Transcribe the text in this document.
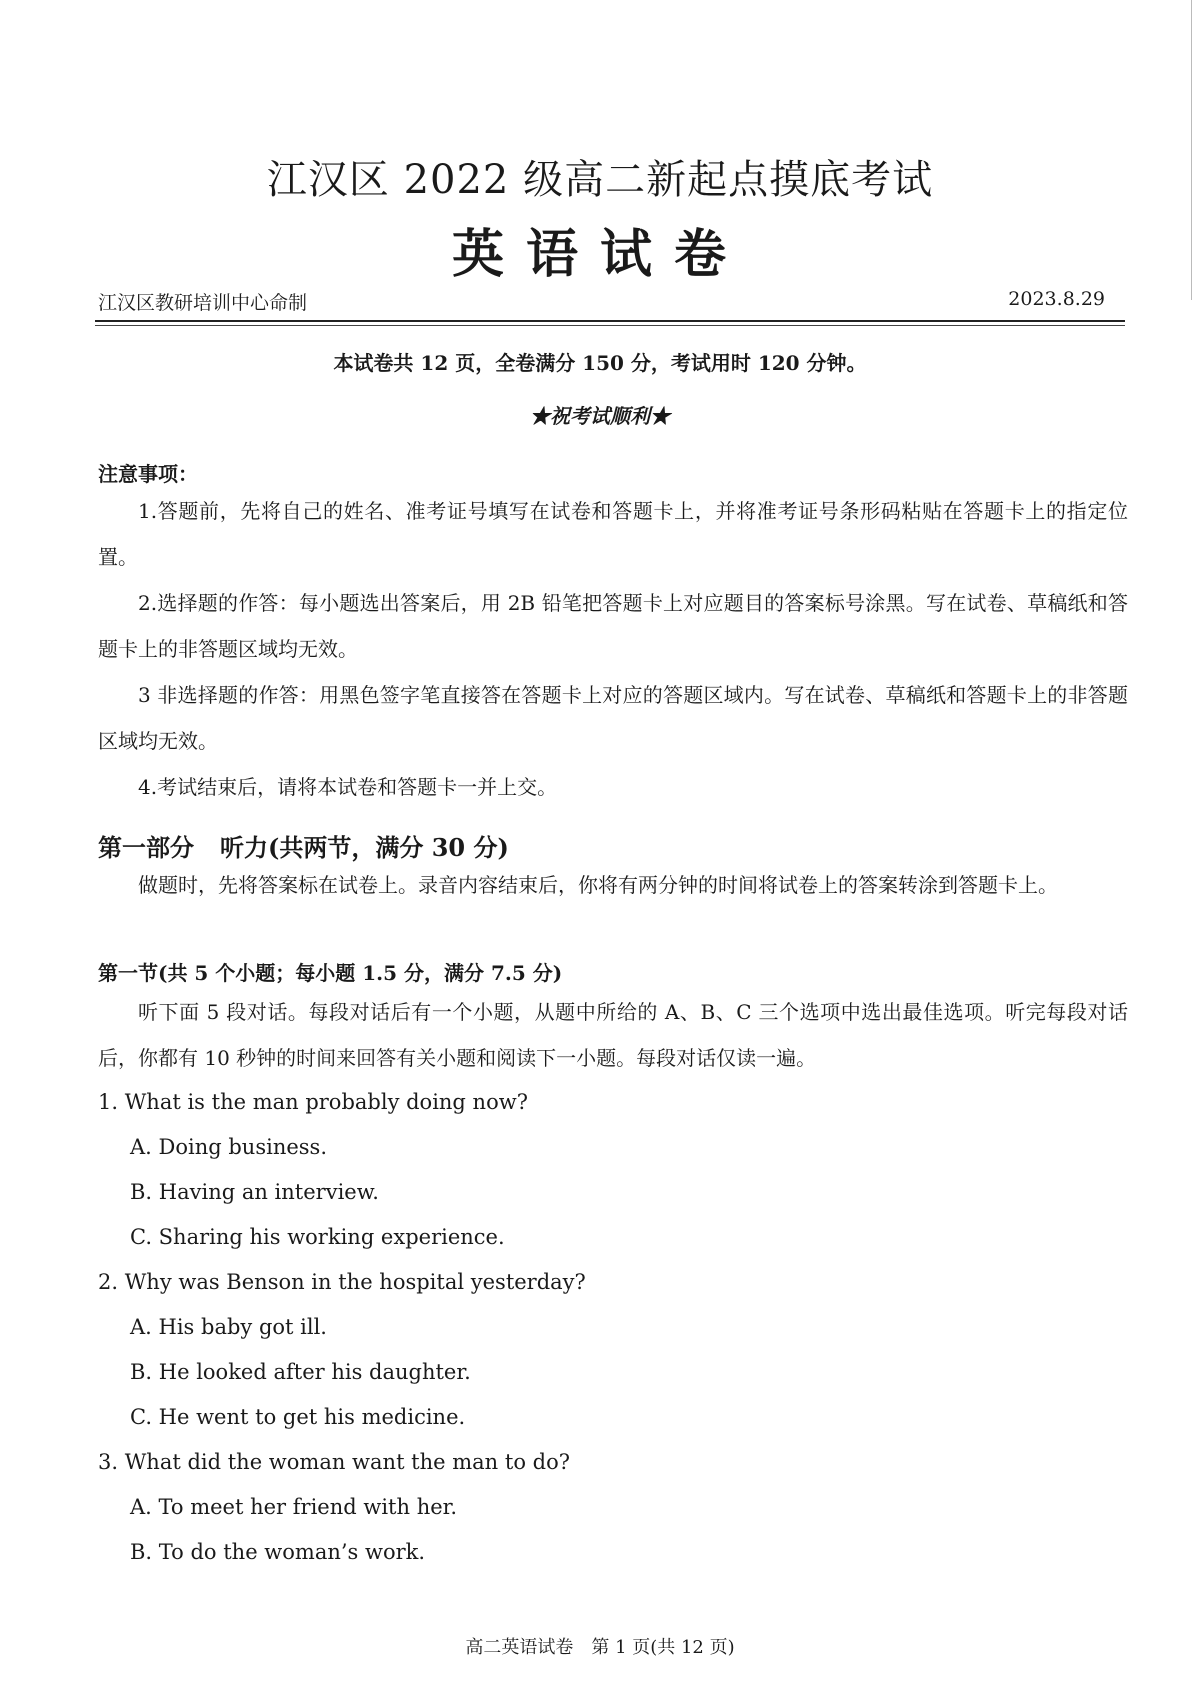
江汉区 2022 级高二新起点摸底考试
英语试卷
江汉区教研培训中心命制	2023.8.29
本试卷共 12 页，全卷满分 150 分，考试用时 120 分钟。
★祝考试顺利★
注意事项：
1.答题前，先将自己的姓名、准考证号填写在试卷和答题卡上，并将准考证号条形码粘贴在答题卡上的指定位置。
2.选择题的作答：每小题选出答案后，用 2B 铅笔把答题卡上对应题目的答案标号涂黑。写在试卷、草稿纸和答题卡上的非答题区域均无效。
3 非选择题的作答：用黑色签字笔直接答在答题卡上对应的答题区域内。写在试卷、草稿纸和答题卡上的非答题区域均无效。
4.考试结束后，请将本试卷和答题卡一并上交。
第一部分 听力(共两节，满分 30 分)
做题时，先将答案标在试卷上。录音内容结束后，你将有两分钟的时间将试卷上的答案转涂到答题卡上。
第一节(共 5 个小题；每小题 1.5 分，满分 7.5 分)
听下面 5 段对话。每段对话后有一个小题，从题中所给的 A、B、C 三个选项中选出最佳选项。听完每段对话后，你都有 10 秒钟的时间来回答有关小题和阅读下一小题。每段对话仅读一遍。

1. What is the man probably doing now?

A. Doing business.

B. Having an interview.

C. Sharing his working experience.

2. Why was Benson in the hospital yesterday?

A. His baby got ill.

B. He looked after his daughter.

C. He went to get his medicine.

3. What did the woman want the man to do?

A. To meet her friend with her.

B. To do the woman’s work.

高二英语试卷　第 1 页(共 12 页)
